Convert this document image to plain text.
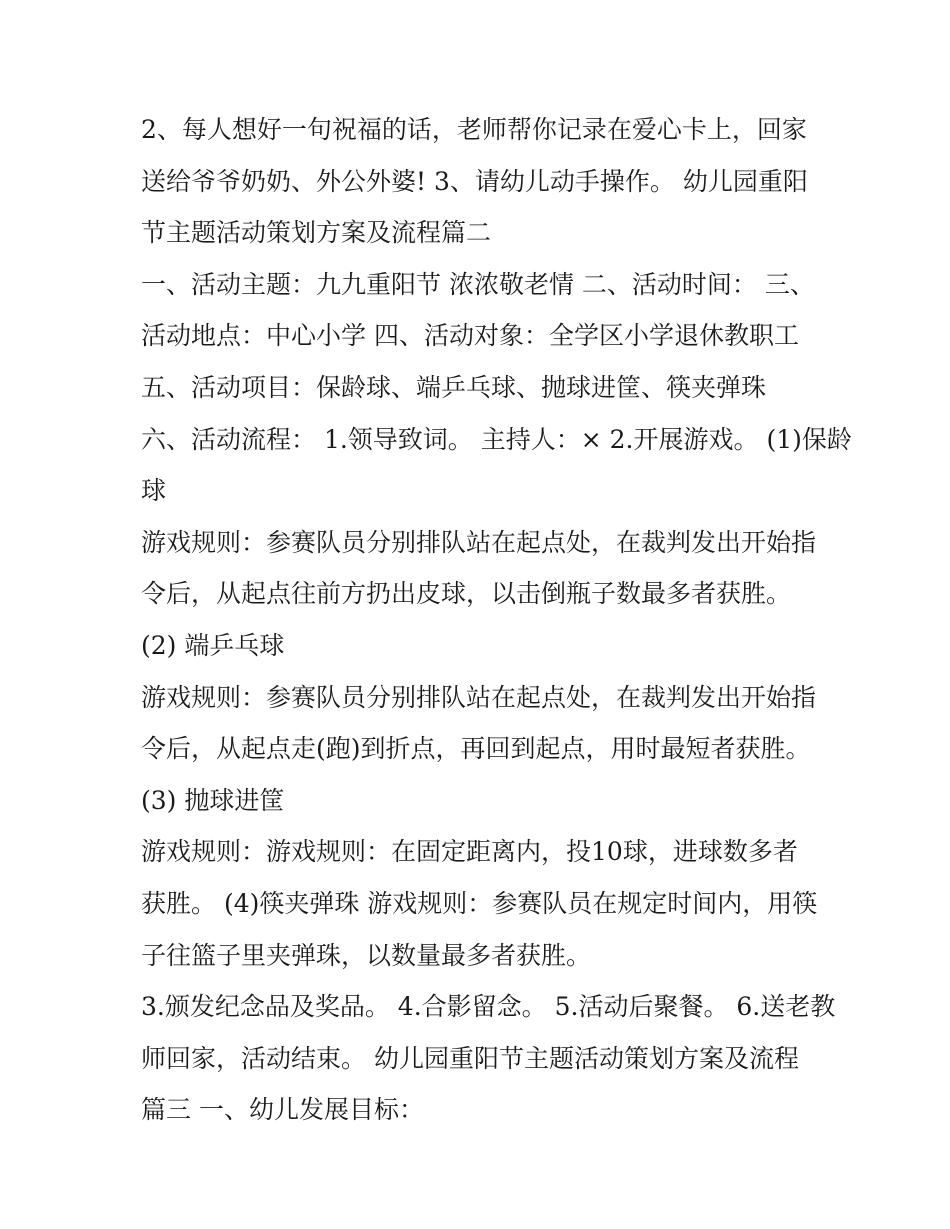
2、每人想好一句祝福的话，老师帮你记录在爱心卡上，回家
送给爷爷奶奶、外公外婆! 3、请幼儿动手操作。 幼儿园重阳
节主题活动策划方案及流程篇二
一、活动主题：九九重阳节 浓浓敬老情 二、活动时间： 三、
活动地点：中心小学 四、活动对象：全学区小学退休教职工
五、活动项目：保龄球、端乒乓球、抛球进筐、筷夹弹珠
六、活动流程： 1.领导致词。 主持人：× 2.开展游戏。 (1)保龄
球
游戏规则：参赛队员分别排队站在起点处，在裁判发出开始指
令后，从起点往前方扔出皮球，以击倒瓶子数最多者获胜。
(2) 端乒乓球
游戏规则：参赛队员分别排队站在起点处，在裁判发出开始指
令后，从起点走(跑)到折点，再回到起点，用时最短者获胜。
(3) 抛球进筐
游戏规则：游戏规则：在固定距离内，投10球，进球数多者
获胜。 (4)筷夹弹珠 游戏规则：参赛队员在规定时间内，用筷
子往篮子里夹弹珠，以数量最多者获胜。
3.颁发纪念品及奖品。 4.合影留念。 5.活动后聚餐。 6.送老教
师回家，活动结束。 幼儿园重阳节主题活动策划方案及流程
篇三 一、幼儿发展目标：
